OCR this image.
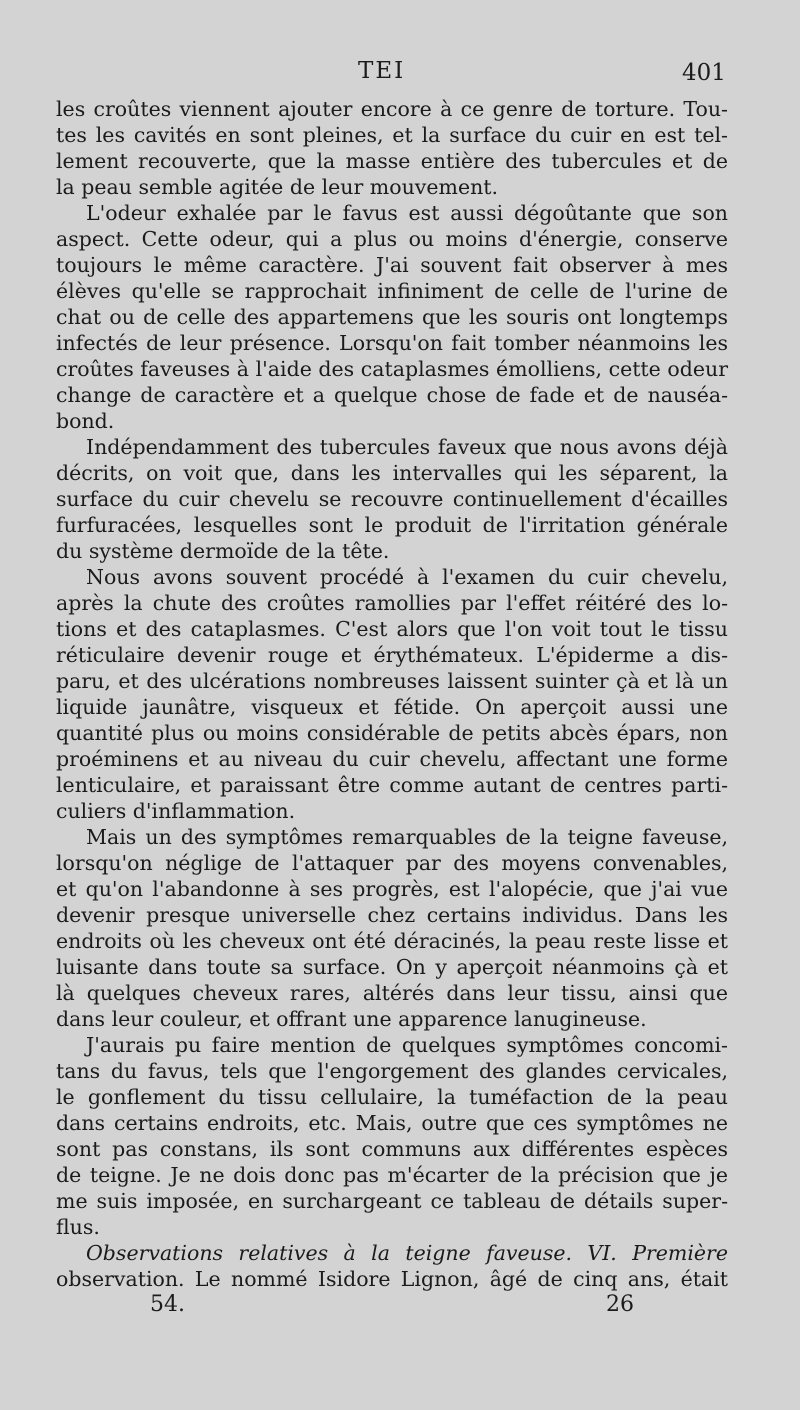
TEI	401
les croûtes viennent ajouter encore à ce genre de torture. Tou-
tes les cavités en sont pleines, et la surface du cuir en est tel-
lement recouverte, que la masse entière des tubercules et de
la peau semble agitée de leur mouvement.
L'odeur exhalée par le favus est aussi dégoûtante que son
aspect. Cette odeur, qui a plus ou moins d'énergie, conserve
toujours le même caractère. J'ai souvent fait observer à mes
élèves qu'elle se rapprochait infiniment de celle de l'urine de
chat ou de celle des appartemens que les souris ont longtemps
infectés de leur présence. Lorsqu'on fait tomber néanmoins les
croûtes faveuses à l'aide des cataplasmes émolliens, cette odeur
change de caractère et a quelque chose de fade et de nauséa-
bond.
Indépendamment des tubercules faveux que nous avons déjà
décrits, on voit que, dans les intervalles qui les séparent, la
surface du cuir chevelu se recouvre continuellement d'écailles
furfuracées, lesquelles sont le produit de l'irritation générale
du système dermoïde de la tête.
Nous avons souvent procédé à l'examen du cuir chevelu,
après la chute des croûtes ramollies par l'effet réitéré des lo-
tions et des cataplasmes. C'est alors que l'on voit tout le tissu
réticulaire devenir rouge et érythémateux. L'épiderme a dis-
paru, et des ulcérations nombreuses laissent suinter çà et là un
liquide jaunâtre, visqueux et fétide. On aperçoit aussi une
quantité plus ou moins considérable de petits abcès épars, non
proéminens et au niveau du cuir chevelu, affectant une forme
lenticulaire, et paraissant être comme autant de centres parti-
culiers d'inflammation.
Mais un des symptômes remarquables de la teigne faveuse,
lorsqu'on néglige de l'attaquer par des moyens convenables,
et qu'on l'abandonne à ses progrès, est l'alopécie, que j'ai vue
devenir presque universelle chez certains individus. Dans les
endroits où les cheveux ont été déracinés, la peau reste lisse et
luisante dans toute sa surface. On y aperçoit néanmoins çà et
là quelques cheveux rares, altérés dans leur tissu, ainsi que
dans leur couleur, et offrant une apparence lanugineuse.
J'aurais pu faire mention de quelques symptômes concomi-
tans du favus, tels que l'engorgement des glandes cervicales,
le gonflement du tissu cellulaire, la tuméfaction de la peau
dans certains endroits, etc. Mais, outre que ces symptômes ne
sont pas constans, ils sont communs aux différentes espèces
de teigne. Je ne dois donc pas m'écarter de la précision que je
me suis imposée, en surchargeant ce tableau de détails super-
flus.
Observations relatives à la teigne faveuse. VI. Première
observation. Le nommé Isidore Lignon, âgé de cinq ans, était
54.	26
